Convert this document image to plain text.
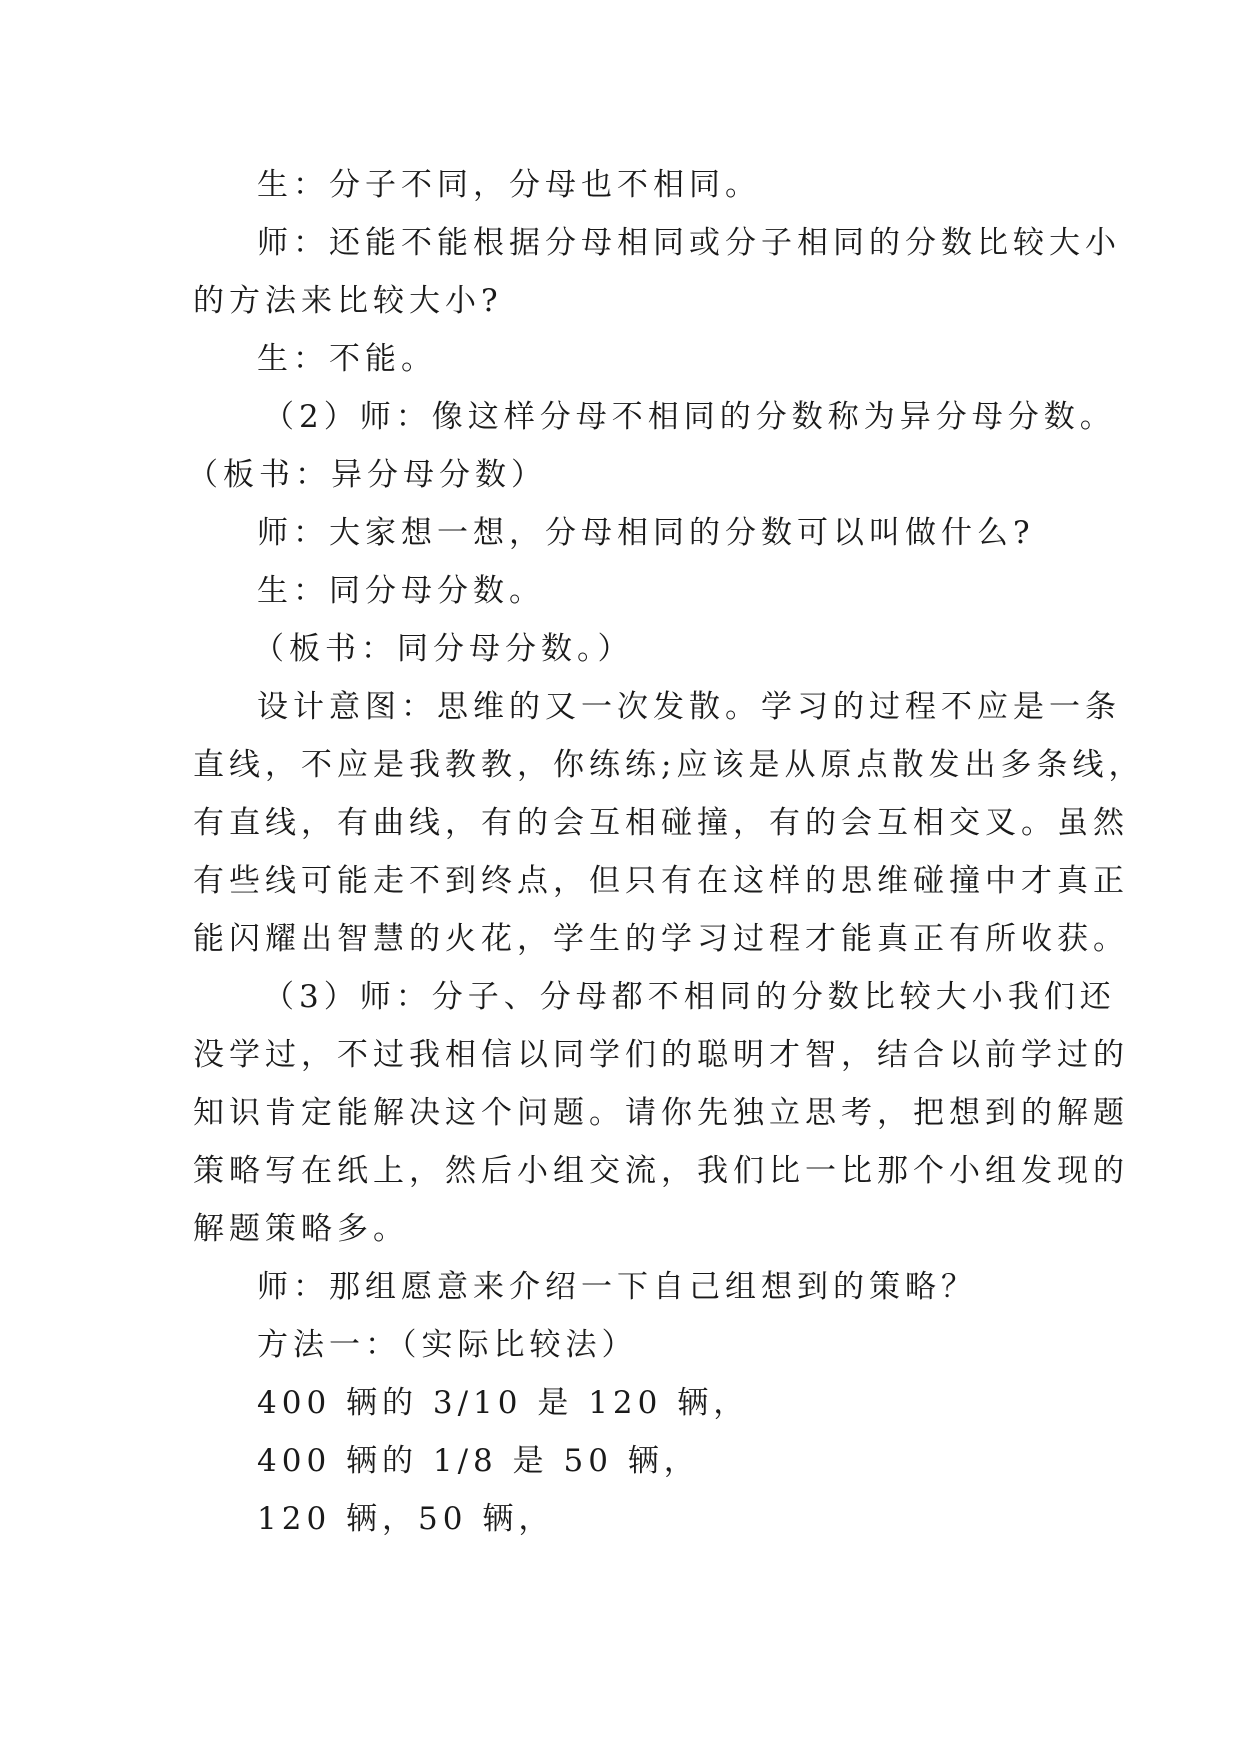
生：分子不同，分母也不相同。
师：还能不能根据分母相同或分子相同的分数比较大小
的方法来比较大小?
生：不能。
（2）师：像这样分母不相同的分数称为异分母分数。
（板书：异分母分数）
师：大家想一想，分母相同的分数可以叫做什么?
生：同分母分数。
（板书：同分母分数。）
设计意图：思维的又一次发散。学习的过程不应是一条
直线，不应是我教教，你练练;应该是从原点散发出多条线，
有直线，有曲线，有的会互相碰撞，有的会互相交叉。虽然
有些线可能走不到终点，但只有在这样的思维碰撞中才真正
能闪耀出智慧的火花，学生的学习过程才能真正有所收获。
（3）师：分子、分母都不相同的分数比较大小我们还
没学过，不过我相信以同学们的聪明才智，结合以前学过的
知识肯定能解决这个问题。请你先独立思考，把想到的解题
策略写在纸上，然后小组交流，我们比一比那个小组发现的
解题策略多。
师：那组愿意来介绍一下自己组想到的策略？
方法一：（实际比较法）
400 辆的 3/10 是 120 辆，
400 辆的 1/8 是 50 辆，
120 辆，50 辆，
